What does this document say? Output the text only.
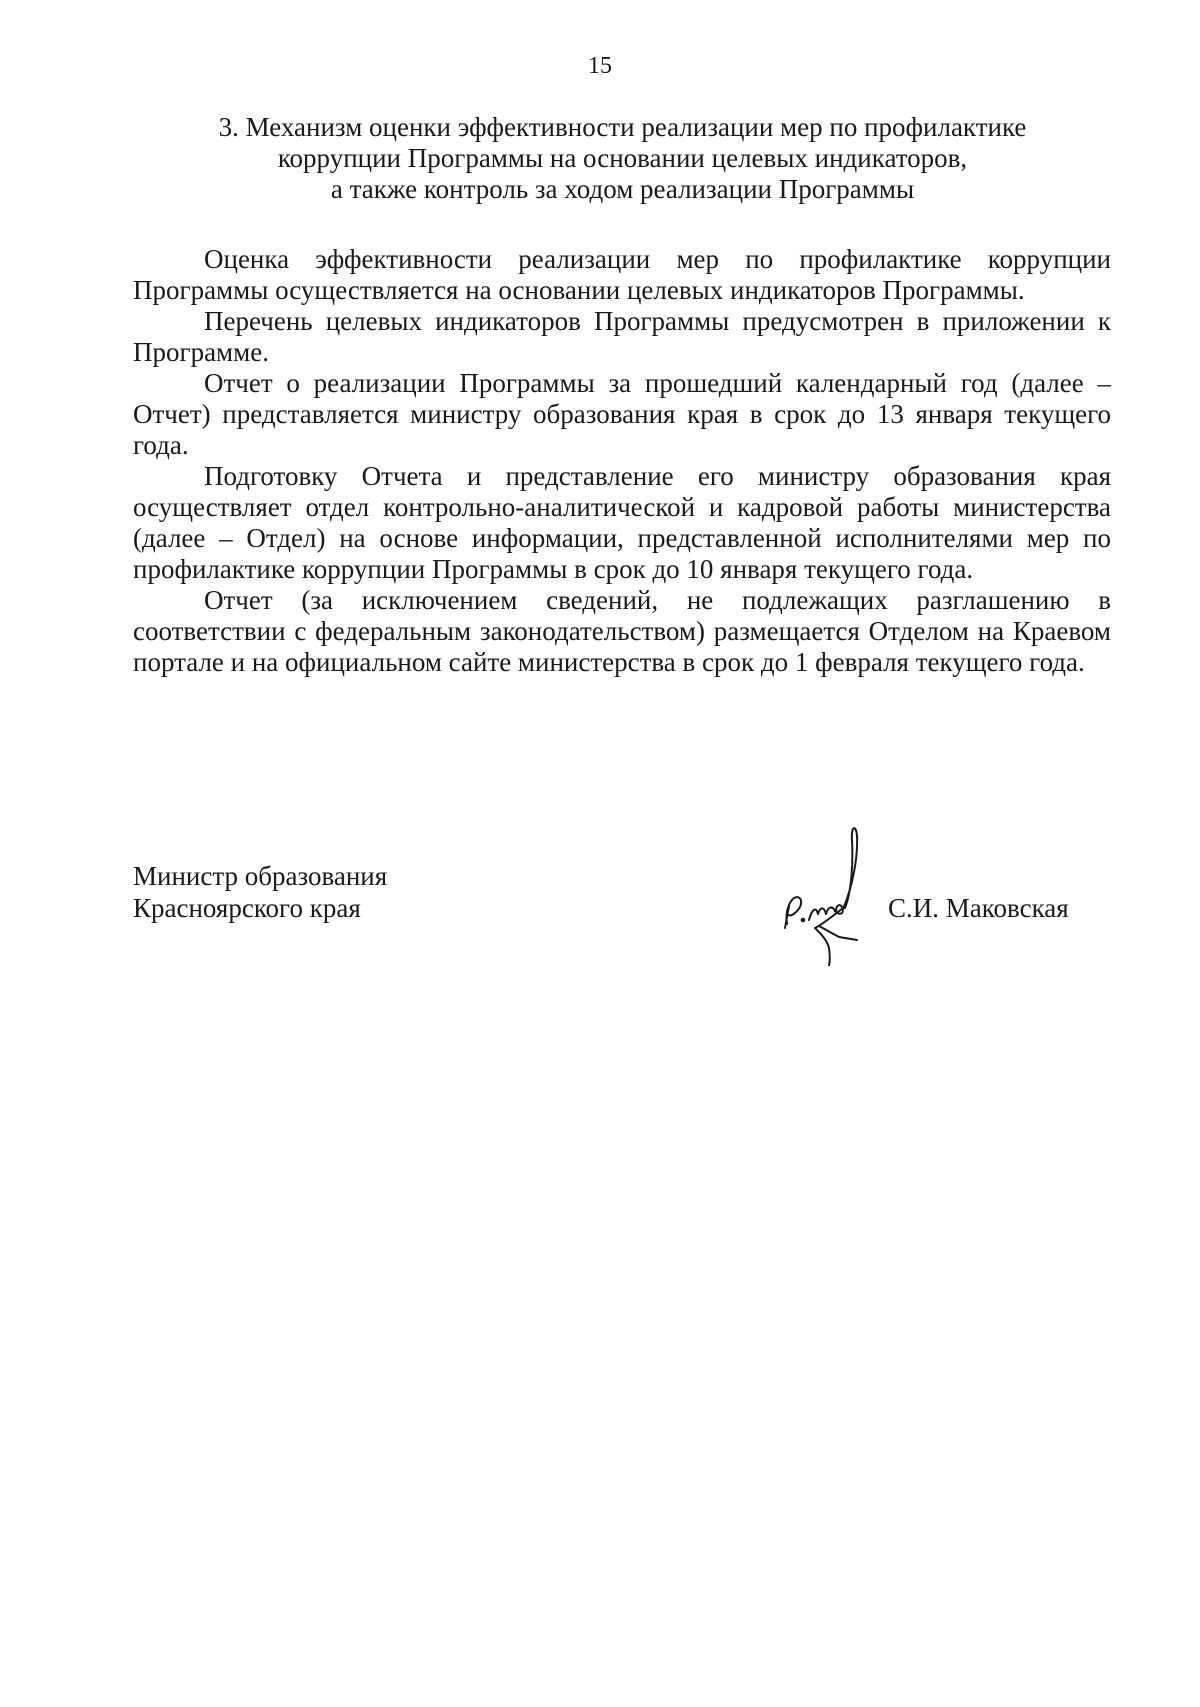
15
3. Механизм оценки эффективности реализации мер по профилактике
коррупции Программы на основании целевых индикаторов,
а также контроль за ходом реализации Программы

Оценка эффективности реализации мер по профилактике коррупции Программы осуществляется на основании целевых индикаторов Программы.

Перечень целевых индикаторов Программы предусмотрен в приложении к Программе.

Отчет о реализации Программы за прошедший календарный год (далее – Отчет) представляется министру образования края в срок до 13 января текущего года.

Подготовку Отчета и представление его министру образования края осуществляет отдел контрольно-аналитической и кадровой работы министерства (далее – Отдел) на основе информации, представленной исполнителями мер по профилактике коррупции Программы в срок до 10 января текущего года.

Отчет (за исключением сведений, не подлежащих разглашению в соответствии с федеральным законодательством) размещается Отделом на Краевом портале и на официальном сайте министерства в срок до 1 февраля текущего года.

Министр образования
Красноярского края	С.И. Маковская
